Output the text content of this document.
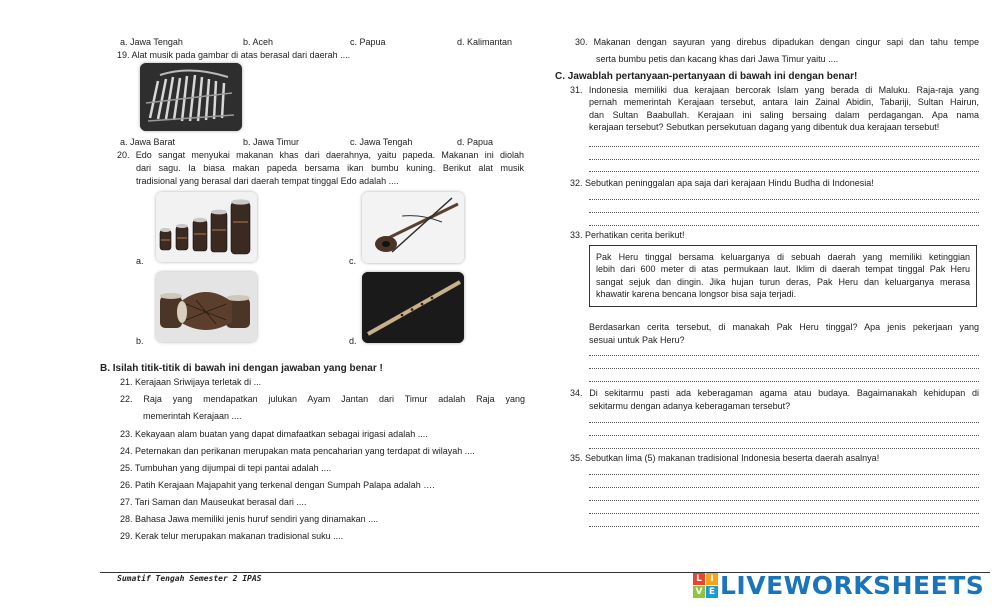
a. Jawa Tengah	b. Aceh	c. Papua	d. Kalimantan
19. Alat musik pada gambar di atas berasal dari daerah ....
a. Jawa Barat	b. Jawa Timur	c. Jawa Tengah	d. Papua
20. Edo sangat menyukai makanan khas dari daerahnya, yaitu papeda. Makanan ini diolah
dari sagu. Ia biasa makan papeda bersama ikan bumbu kuning. Berikut alat musik
tradisional yang berasal dari daerah tempat tinggal Edo adalah ....
a.	c.
b.	d.
B. Isilah titik-titik di bawah ini dengan jawaban yang benar !
21. Kerajaan Sriwijaya terletak di ...
22. Raja yang mendapatkan julukan Ayam Jantan dari Timur adalah Raja yang
memerintah Kerajaan ....
23. Kekayaan alam buatan yang dapat dimafaatkan sebagai irigasi adalah ....
24. Peternakan dan perikanan merupakan mata pencaharian yang terdapat di wilayah ....
25. Tumbuhan yang dijumpai di tepi pantai adalah ....
26. Patih Kerajaan Majapahit yang terkenal dengan Sumpah Palapa adalah ….
27. Tari Saman dan Mauseukat berasal dari ....
28. Bahasa Jawa memiliki jenis huruf sendiri yang dinamakan ....
29. Kerak telur merupakan makanan tradisional suku ....
30. Makanan dengan sayuran yang direbus dipadukan dengan cingur sapi dan tahu tempe
serta bumbu petis dan kacang khas dari Jawa Timur yaitu ....
C. Jawablah pertanyaan-pertanyaan di bawah ini dengan benar!
31. Indonesia memiliki dua kerajaan bercorak Islam yang berada di Maluku. Raja-raja yang
pernah memerintah Kerajaan tersebut, antara lain Zainal Abidin, Tabariji, Sultan Hairun,
dan Sultan Baabullah. Kerajaan ini saling bersaing dalam perdagangan. Apa nama
kerajaan tersebut? Sebutkan persekutuan dagang yang dibentuk dua kerajaan tersebut!
32. Sebutkan peninggalan apa saja dari kerajaan Hindu Budha di Indonesia!
33. Perhatikan cerita berikut!
Pak Heru tinggal bersama keluarganya di sebuah daerah yang memiliki ketinggian
lebih dari 600 meter di atas permukaan laut. Iklim di daerah tempat tinggal Pak Heru
sangat sejuk dan dingin. Jika hujan turun deras, Pak Heru dan keluarganya merasa
khawatir karena bencana longsor bisa saja terjadi.
Berdasarkan cerita tersebut, di manakah Pak Heru tinggal? Apa jenis pekerjaan yang
sesuai untuk Pak Heru?
34. Di sekitarmu pasti ada keberagaman agama atau budaya. Bagaimanakah kehidupan di
sekitarmu dengan adanya keberagaman tersebut?
35. Sebutkan lima (5) makanan tradisional Indonesia beserta daerah asalnya!
Sumatif Tengah Semester 2 IPAS	L I
V E LIVEWORKSHEETS
